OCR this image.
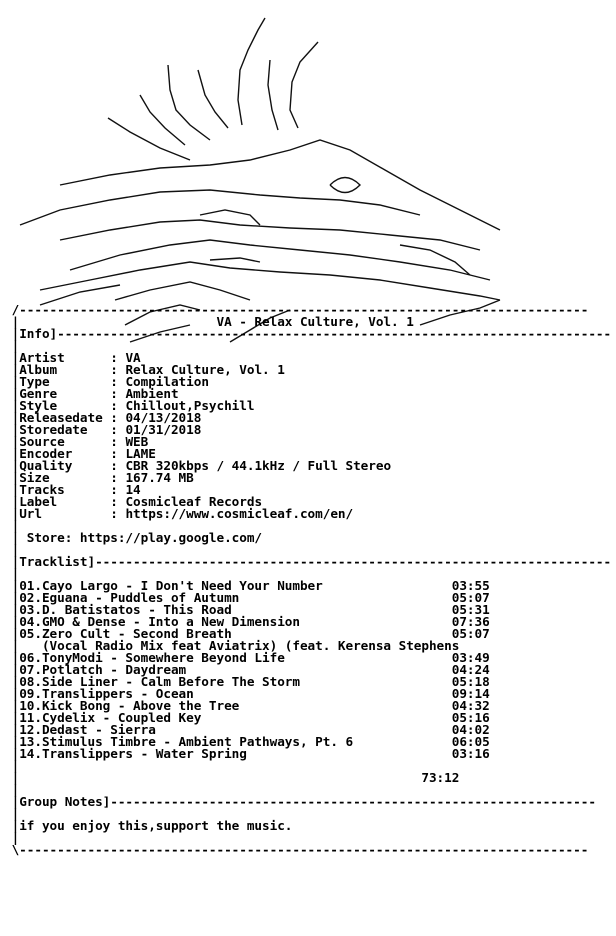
/---------------------------------------------------------------------------
|                          VA - Relax Culture, Vol. 1
|Info]-------------------------------------------------------------------------
|
|Artist      : VA
|Album       : Relax Culture, Vol. 1
|Type        : Compilation
|Genre       : Ambient
|Style       : Chillout,Psychill
|Releasedate : 04/13/2018
|Storedate   : 01/31/2018
|Source      : WEB
|Encoder     : LAME
|Quality     : CBR 320kbps / 44.1kHz / Full Stereo
|Size        : 167.74 MB
|Tracks      : 14
|Label       : Cosmicleaf Records
|Url         : https://www.cosmicleaf.com/en/
|
| Store: https://play.google.com/
|
|Tracklist]--------------------------------------------------------------------
|
|01.Cayo Largo - I Don't Need Your Number	03:55
|02.Eguana - Puddles of Autumn	05:07
|03.D. Batistatos - This Road	05:31
|04.GMO & Dense - Into a New Dimension	07:36
|05.Zero Cult - Second Breath	05:07
|   (Vocal Radio Mix feat Aviatrix) (feat. Kerensa Stephens
|06.TonyModi - Somewhere Beyond Life	03:49
|07.Potlatch - Daydream	04:24
|08.Side Liner - Calm Before The Storm	05:18
|09.Translippers - Ocean	09:14
|10.Kick Bong - Above the Tree	04:32
|11.Cydelix - Coupled Key	05:16
|12.Dedast - Sierra	04:02
|13.Stimulus Timbre - Ambient Pathways, Pt. 6	06:05
|14.Translippers - Water Spring	03:16
|
|                                                     73:12
|
|Group Notes]----------------------------------------------------------------
|
|if you enjoy this,support the music.
|
\---------------------------------------------------------------------------
